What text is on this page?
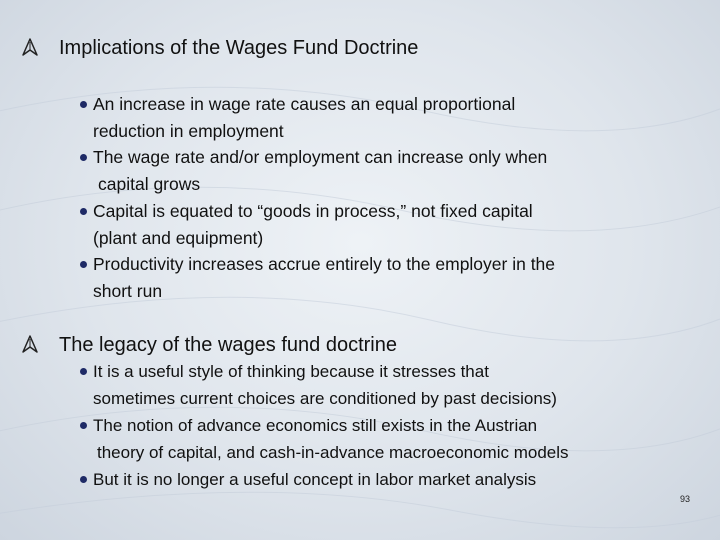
Implications of the Wages Fund Doctrine
An increase in wage rate causes an equal proportional
reduction in employment
The wage rate and/or employment can increase only when
capital grows
Capital is equated to “goods in process,” not fixed capital
(plant and equipment)
Productivity increases accrue entirely to the employer in the
short run
The legacy of the wages fund doctrine
It is a useful style of thinking because it stresses that
sometimes current choices are conditioned by past decisions)
The notion of advance economics still exists in the Austrian
theory of capital, and cash-in-advance macroeconomic models
But it is no longer a useful concept in labor market analysis
93
